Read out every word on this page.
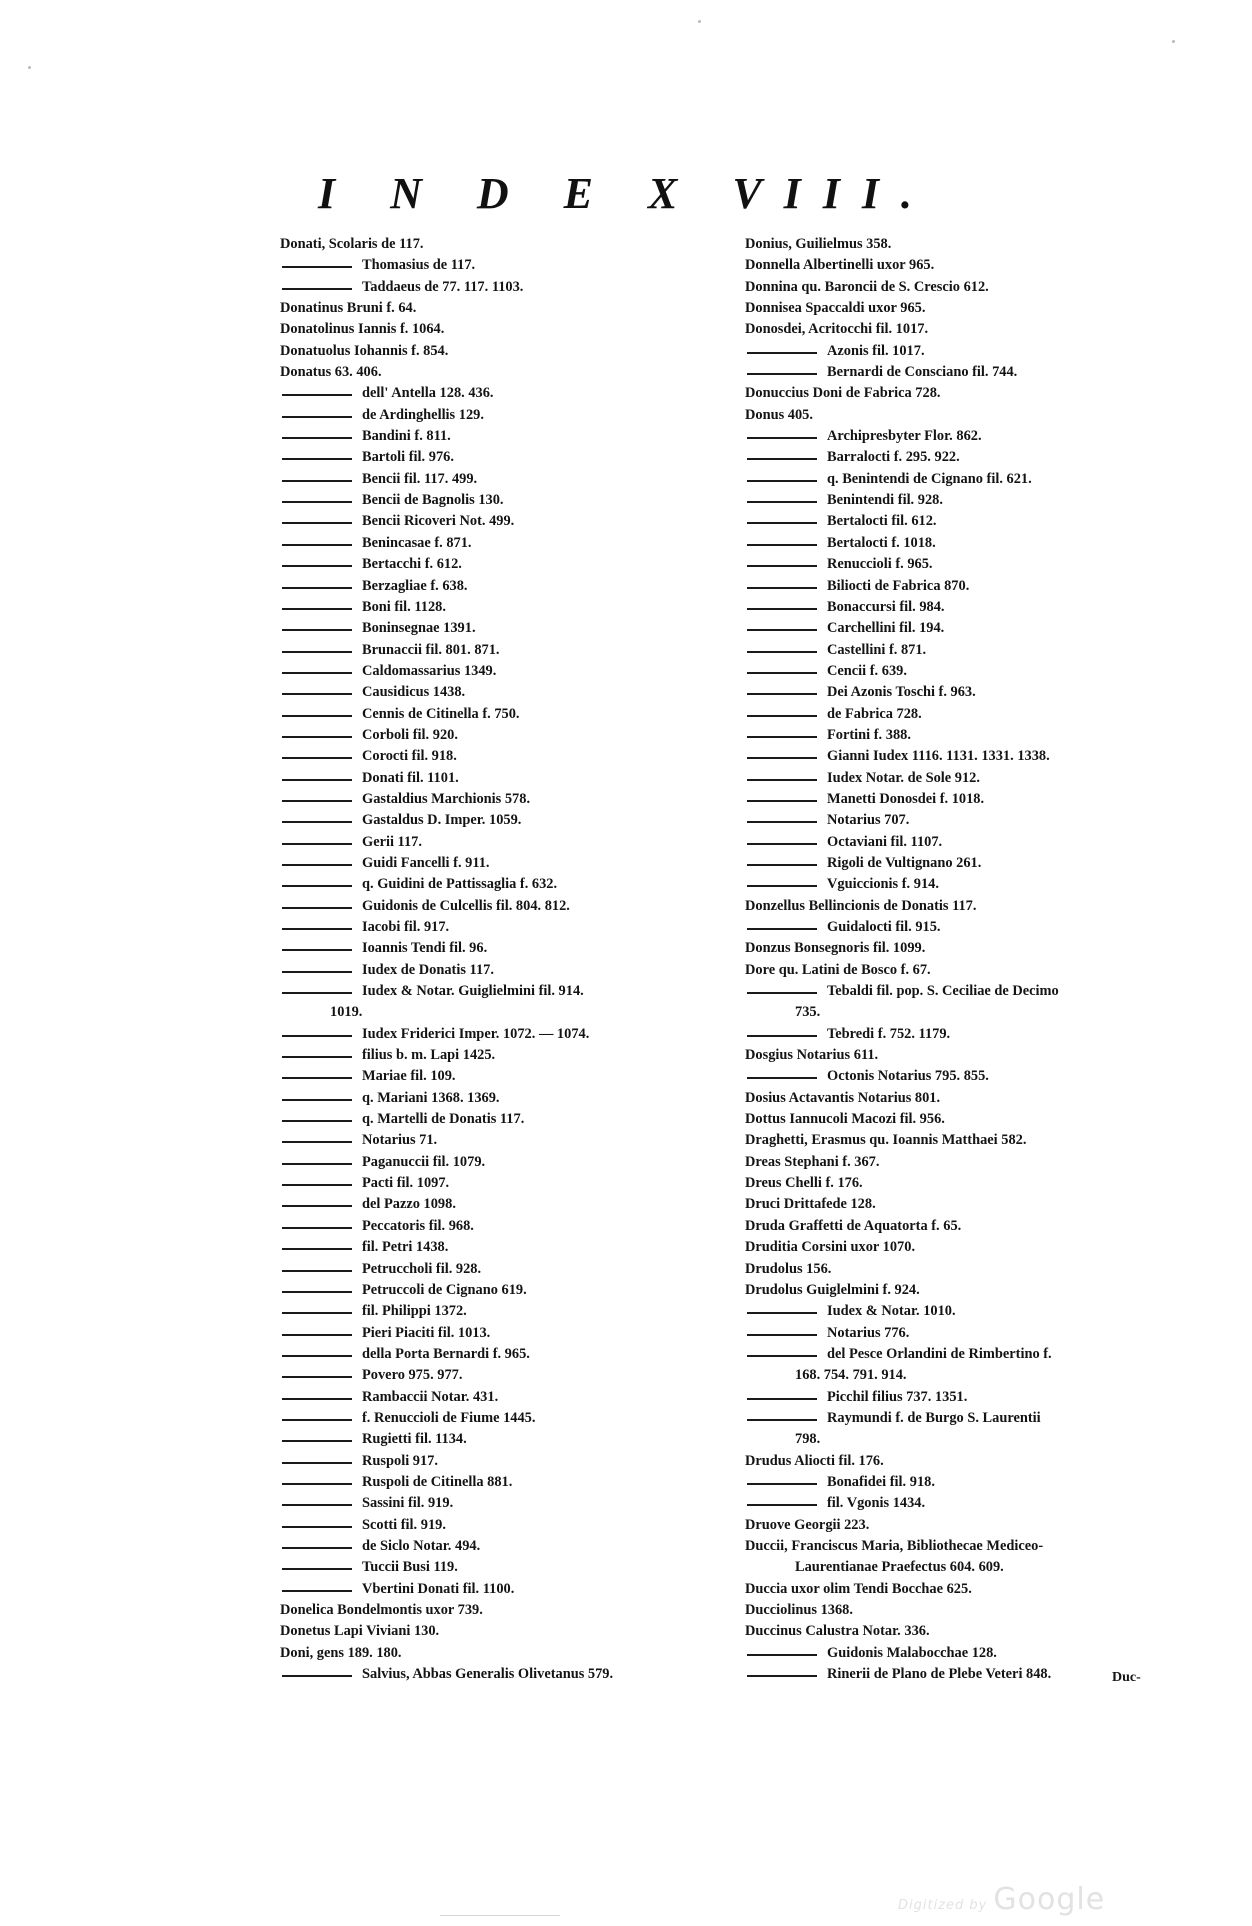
I N D E X VIII.
Donati, Scolaris de 117.
Thomasius de 117.
Taddaeus de 77. 117. 1103.
Donatinus Bruni f. 64.
Donatolinus Iannis f. 1064.
Donatuolus Iohannis f. 854.
Donatus 63. 406.
dell' Antella 128. 436.
de Ardinghellis 129.
Bandini f. 811.
Bartoli fil. 976.
Bencii fil. 117. 499.
Bencii de Bagnolis 130.
Bencii Ricoveri Not. 499.
Benincasae f. 871.
Bertacchi f. 612.
Berzagliae f. 638.
Boni fil. 1128.
Boninsegnae 1391.
Brunaccii fil. 801. 871.
Caldomassarius 1349.
Causidicus 1438.
Cennis de Citinella f. 750.
Corboli fil. 920.
Corocti fil. 918.
Donati fil. 1101.
Gastaldius Marchionis 578.
Gastaldus D. Imper. 1059.
Gerii 117.
Guidi Fancelli f. 911.
q. Guidini de Pattissaglia f. 632.
Guidonis de Culcellis fil. 804. 812.
Iacobi fil. 917.
Ioannis Tendi fil. 96.
Iudex de Donatis 117.
Iudex & Notar. Guiglielmini fil. 914.
1019.
Iudex Friderici Imper. 1072. — 1074.
filius b. m. Lapi 1425.
Mariae fil. 109.
q. Mariani 1368. 1369.
q. Martelli de Donatis 117.
Notarius 71.
Paganuccii fil. 1079.
Pacti fil. 1097.
del Pazzo 1098.
Peccatoris fil. 968.
fil. Petri 1438.
Petruccholi fil. 928.
Petruccoli de Cignano 619.
fil. Philippi 1372.
Pieri Piaciti fil. 1013.
della Porta Bernardi f. 965.
Povero 975. 977.
Rambaccii Notar. 431.
f. Renuccioli de Fiume 1445.
Rugietti fil. 1134.
Ruspoli 917.
Ruspoli de Citinella 881.
Sassini fil. 919.
Scotti fil. 919.
de Siclo Notar. 494.
Tuccii Busi 119.
Vbertini Donati fil. 1100.
Donelica Bondelmontis uxor 739.
Donetus Lapi Viviani 130.
Doni, gens 189. 180.
Salvius, Abbas Generalis Olivetanus 579.
Donius, Guilielmus 358.
Donnella Albertinelli uxor 965.
Donnina qu. Baroncii de S. Crescio 612.
Donnisea Spaccaldi uxor 965.
Donosdei, Acritocchi fil. 1017.
Azonis fil. 1017.
Bernardi de Consciano fil. 744.
Donuccius Doni de Fabrica 728.
Donus 405.
Archipresbyter Flor. 862.
Barralocti f. 295. 922.
q. Benintendi de Cignano fil. 621.
Benintendi fil. 928.
Bertalocti fil. 612.
Bertalocti f. 1018.
Renuccioli f. 965.
Biliocti de Fabrica 870.
Bonaccursi fil. 984.
Carchellini fil. 194.
Castellini f. 871.
Cencii f. 639.
Dei Azonis Toschi f. 963.
de Fabrica 728.
Fortini f. 388.
Gianni Iudex 1116. 1131. 1331. 1338.
Iudex Notar. de Sole 912.
Manetti Donosdei f. 1018.
Notarius 707.
Octaviani fil. 1107.
Rigoli de Vultignano 261.
Vguiccionis f. 914.
Donzellus Bellincionis de Donatis 117.
Guidalocti fil. 915.
Donzus Bonsegnoris fil. 1099.
Dore qu. Latini de Bosco f. 67.
Tebaldi fil. pop. S. Ceciliae de Decimo
735.
Tebredi f. 752. 1179.
Dosgius Notarius 611.
Octonis Notarius 795. 855.
Dosius Actavantis Notarius 801.
Dottus Iannucoli Macozi fil. 956.
Draghetti, Erasmus qu. Ioannis Matthaei 582.
Dreas Stephani f. 367.
Dreus Chelli f. 176.
Druci Drittafede 128.
Druda Graffetti de Aquatorta f. 65.
Druditia Corsini uxor 1070.
Drudolus 156.
Drudolus Guiglelmini f. 924.
Iudex & Notar. 1010.
Notarius 776.
del Pesce Orlandini de Rimbertino f.
168. 754. 791. 914.
Picchil filius 737. 1351.
Raymundi f. de Burgo S. Laurentii
798.
Drudus Aliocti fil. 176.
Bonafidei fil. 918.
fil. Vgonis 1434.
Druove Georgii 223.
Duccii, Franciscus Maria, Bibliothecae Mediceo-
Laurentianae Praefectus 604. 609.
Duccia uxor olim Tendi Bocchae 625.
Ducciolinus 1368.
Duccinus Calustra Notar. 336.
Guidonis Malabocchae 128.
Rinerii de Plano de Plebe Veteri 848.	Duc-
Digitized by Google
